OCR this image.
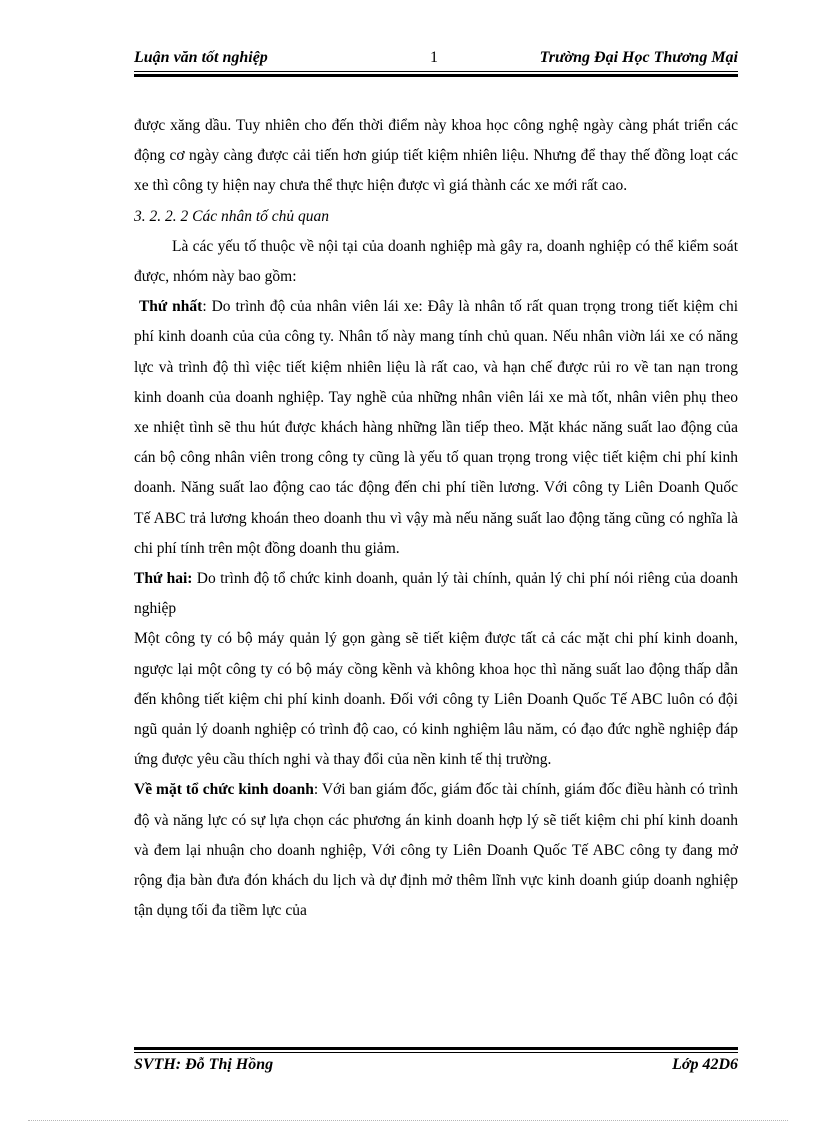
Luận văn tốt nghiệp	1	Trường Đại Học Thương Mại

được xăng dầu. Tuy nhiên cho đến thời điểm này khoa học công nghệ ngày càng phát triển các động cơ ngày càng được cải tiến hơn giúp tiết kiệm nhiên liệu. Nhưng để thay thế đồng loạt các xe thì công ty hiện nay chưa thể thực hiện được vì giá thành các xe mới rất cao.

3. 2. 2. 2 Các nhân tố chủ quan

Là các yếu tố thuộc về nội tại của doanh nghiệp mà gây ra, doanh nghiệp có thể kiểm soát được, nhóm này bao gồm:

Thứ nhất: Do trình độ của nhân viên lái xe: Đây là nhân tố rất quan trọng trong tiết kiệm chi phí kinh doanh của của công ty. Nhân tố này mang tính chủ quan. Nếu nhân viờn lái xe có năng lực và trình độ thì việc tiết kiệm nhiên liệu là rất cao, và hạn chế được rủi ro về tan nạn trong kinh doanh của doanh nghiệp. Tay nghề của những nhân viên lái xe mà tốt, nhân viên phụ theo xe nhiệt tình sẽ thu hút được khách hàng những lần tiếp theo. Mặt khác năng suất lao động của cán bộ công nhân viên trong công ty cũng là yếu tố quan trọng trong việc tiết kiệm chi phí kinh doanh. Năng suất lao động cao tác động đến chi phí tiền lương. Với công ty Liên Doanh Quốc Tế ABC trả lương khoán theo doanh thu vì vậy mà nếu năng suất lao động tăng cũng có nghĩa là chi phí tính trên một đồng doanh thu giảm.

Thứ hai: Do trình độ tổ chức kinh doanh, quản lý tài chính, quản lý chi phí nói riêng của doanh nghiệp

Một công ty có bộ máy quản lý gọn gàng sẽ tiết kiệm được tất cả các mặt chi phí kinh doanh, ngược lại một công ty có bộ máy cồng kềnh và không khoa học thì năng suất lao động thấp dẫn đến không tiết kiệm chi phí kinh doanh. Đối với công ty Liên Doanh Quốc Tế ABC luôn có đội ngũ quản lý doanh nghiệp có trình độ cao, có kinh nghiệm lâu năm, có đạo đức nghề nghiệp đáp ứng được yêu cầu thích nghi và thay đổi của nền kinh tế thị trường.

Về mặt tổ chức kinh doanh: Với ban giám đốc, giám đốc tài chính, giám đốc điều hành có trình độ và năng lực có sự lựa chọn các phương án kinh doanh hợp lý sẽ tiết kiệm chi phí kinh doanh và đem lại nhuận cho doanh nghiệp, Với công ty Liên Doanh Quốc Tế ABC công ty đang mở rộng địa bàn đưa đón khách du lịch và dự định mở thêm lĩnh vực kinh doanh giúp doanh nghiệp tận dụng tối đa tiềm lực của

SVTH: Đỗ Thị Hồng	Lớp 42D6
